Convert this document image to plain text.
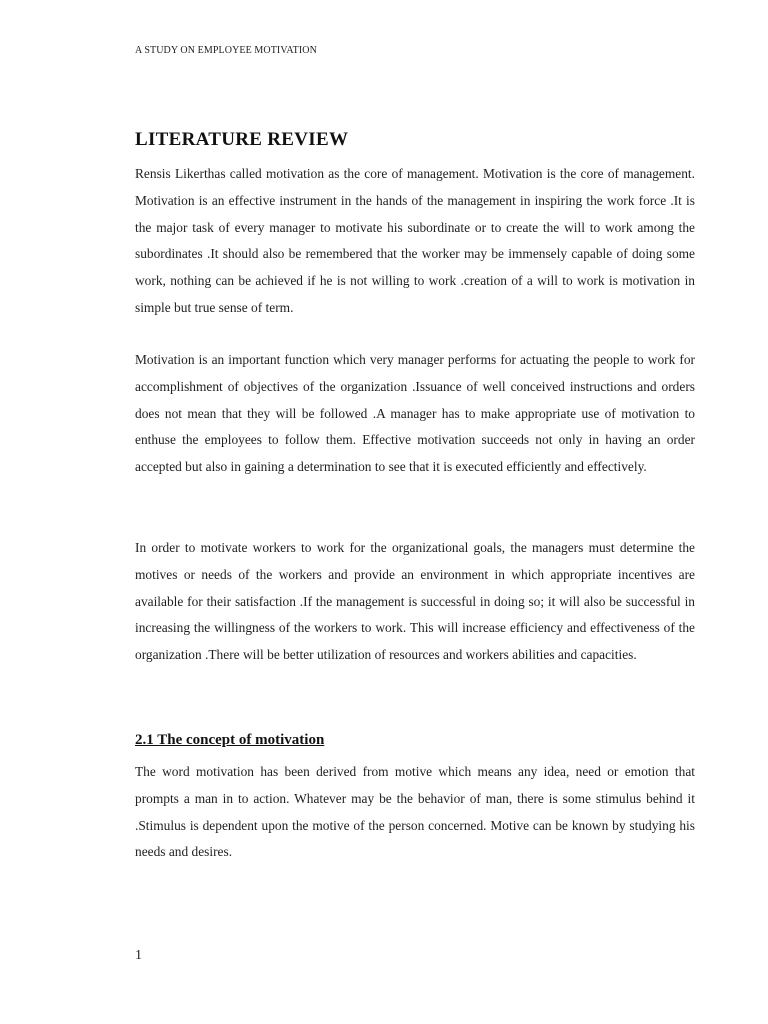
A STUDY ON EMPLOYEE MOTIVATION
LITERATURE REVIEW

Rensis Likerthas called motivation as the core of management. Motivation is the core of management. Motivation is an effective instrument in the hands of the management in inspiring the work force .It is the major task of every manager to motivate his subordinate or to create the will to work among the subordinates .It should also be remembered that the worker may be immensely capable of doing some work, nothing can be achieved if he is not willing to work .creation of a will to work is motivation in simple but true sense of term.

Motivation is an important function which very manager performs for actuating the people to work for accomplishment of objectives of the organization .Issuance of well conceived instructions and orders does not mean that they will be followed .A manager has to make appropriate use of motivation to enthuse the employees to follow them. Effective motivation succeeds not only in having an order accepted but also in gaining a determination to see that it is executed efficiently and effectively.

In order to motivate workers to work for the organizational goals, the managers must determine the motives or needs of the workers and provide an environment in which appropriate incentives are available for their satisfaction .If the management is successful in doing so; it will also be successful in increasing the willingness of the workers to work. This will increase efficiency and effectiveness of the organization .There will be better utilization of resources and workers abilities and capacities.

2.1 The concept of motivation

The word motivation has been derived from motive which means any idea, need or emotion that prompts a man in to action. Whatever may be the behavior of man, there is some stimulus behind it .Stimulus is dependent upon the motive of the person concerned. Motive can be known by studying his needs and desires.

1
